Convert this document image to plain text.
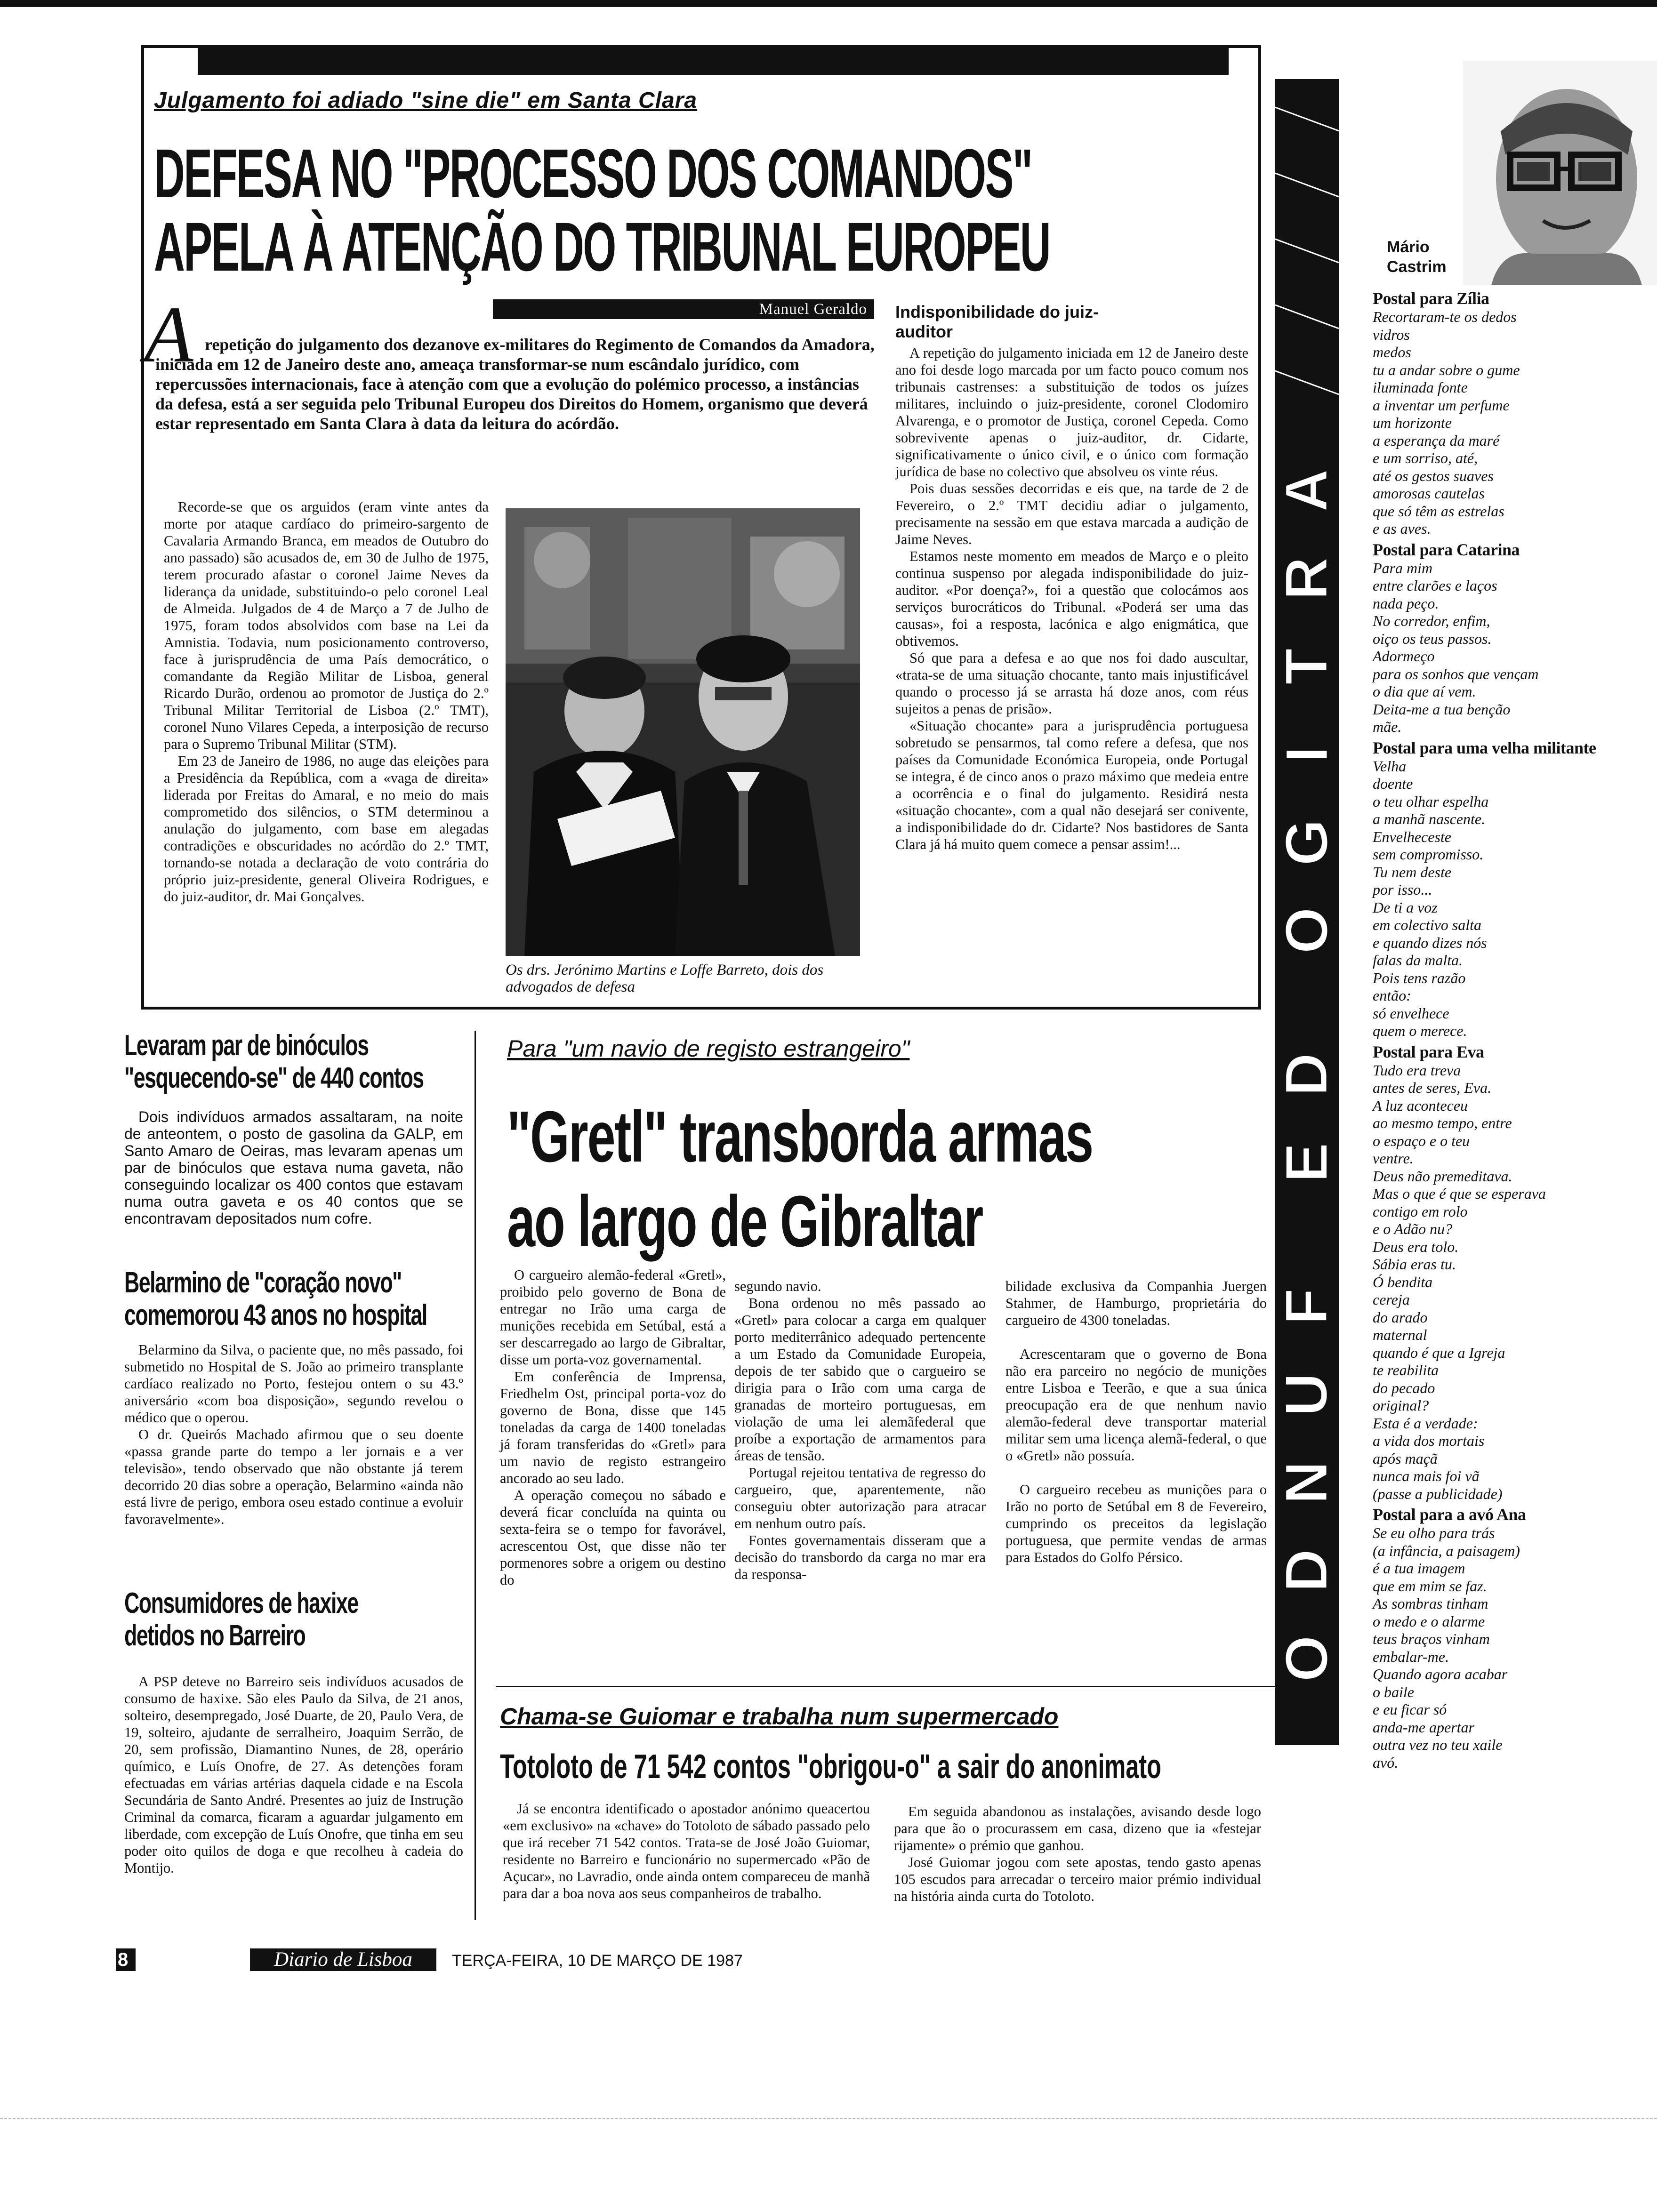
Julgamento foi adiado "sine die" em Santa Clara
DEFESA NO "PROCESSO DOS COMANDOS"
APELA À ATENÇÃO DO TRIBUNAL EUROPEU
Manuel Geraldo
A repetição do julgamento dos dezanove ex-militares do Regimento de Comandos da Amadora, iniciada em 12 de Janeiro deste ano, ameaça transformar-se num escândalo jurídico, com repercussões internacionais, face à atenção com que a evolução do polémico processo, a instâncias da defesa, está a ser seguida pelo Tribunal Europeu dos Direitos do Homem, organismo que deverá estar representado em Santa Clara à data da leitura do acórdão.

Recorde-se que os arguidos (eram vinte antes da morte por ataque cardíaco do primeiro-sargento de Cavalaria Armando Branca, em meados de Outubro do ano passado) são acusados de, em 30 de Julho de 1975, terem procurado afastar o coronel Jaime Neves da liderança da unidade, substituindo-o pelo coronel Leal de Almeida. Julgados de 4 de Março a 7 de Julho de 1975, foram todos absolvidos com base na Lei da Amnistia. Todavia, num posicionamento controverso, face à jurisprudência de uma País democrático, o comandante da Região Militar de Lisboa, general Ricardo Durão, ordenou ao promotor de Justiça do 2.º Tribunal Militar Territorial de Lisboa (2.º TMT), coronel Nuno Vilares Cepeda, a interposição de recurso para o Supremo Tribunal Militar (STM).

Em 23 de Janeiro de 1986, no auge das eleições para a Presidência da República, com a «vaga de direita» liderada por Freitas do Amaral, e no meio do mais comprometido dos silêncios, o STM determinou a anulação do julgamento, com base em alegadas contradições e obscuridades no acórdão do 2.º TMT, tornando-se notada a declaração de voto contrária do próprio juiz-presidente, general Oliveira Rodrigues, e do juiz-auditor, dr. Mai Gonçalves.

Os drs. Jerónimo Martins e Loffe Barreto, dois dos advogados de defesa
Indisponibilidade do juiz-auditor

A repetição do julgamento iniciada em 12 de Janeiro deste ano foi desde logo marcada por um facto pouco comum nos tribunais castrenses: a substituição de todos os juízes militares, incluindo o juiz-presidente, coronel Clodomiro Alvarenga, e o promotor de Justiça, coronel Cepeda. Como sobreviventе apenas o juiz-auditor, dr. Cidarte, significativamente o único civil, e o único com formação jurídica de base no colectivo que absolveu os vinte réus.

Pois duas sessões decorridas e eis que, na tarde de 2 de Fevereiro, o 2.º TMT decidiu adiar o julgamento, precisamente na sessão em que estava marcada a audição de Jaime Neves.

Estamos neste momento em meados de Março e o pleito continua suspenso por alegada indisponibilidade do juiz-auditor. «Por doença?», foi a questão que colocámos aos serviços burocráticos do Tribunal. «Poderá ser uma das causas», foi a resposta, lacónica e algo enigmática, que obtivemos.

Só que para a defesa e ao que nos foi dado auscultar, «trata-se de uma situação chocante, tanto mais injustificável quando o processo já se arrasta há doze anos, com réus sujeitos a penas de prisão».

«Situação chocante» para a jurisprudência portuguesa sobretudo se pensarmos, tal como refere a defesa, que nos países da Comunidade Económica Europeia, onde Portugal se integra, é de cinco anos o prazo máximo que medeia entre a ocorrência e o final do julgamento. Residirá nesta «situação chocante», com a qual não desejará ser conivente, a indisponibilidade do dr. Cidarte? Nos bastidores de Santa Clara já há muito quem comece a pensar assim!...

Levaram par de binóculos
"esquecendo-se" de 440 contos
Dois indivíduos armados assaltaram, na noite de anteontem, o posto de gasolina da GALP, em Santo Amaro de Oeiras, mas levaram apenas um par de binóculos que estava numa gaveta, não conseguindo localizar os 400 contos que estavam numa outra gaveta e os 40 contos que se encontravam depositados num cofre.
Belarmino de "coração novo"
comemorou 43 anos no hospital

Belarmino da Silva, o paciente que, no mês passado, foi submetido no Hospital de S. João ao primeiro transplante cardíaco realizado no Porto, festejou ontem o su 43.º aniversário «com boa disposição», segundo revelou o médico que o operou.

O dr. Queirós Machado afirmou que o seu doente «passa grande parte do tempo a ler jornais e a ver televisão», tendo observado que não obstante já terem decorrido 20 dias sobre a operação, Belarmino «ainda não está livre de perigo, embora oseu estado continue a evoluir favoravelmente».

Consumidores de haxixe
detidos no Barreiro

A PSP deteve no Barreiro seis indivíduos acusados de consumo de haxixe. São eles Paulo da Silva, de 21 anos, solteiro, desempregado, José Duarte, de 20, Paulo Vera, de 19, solteiro, ajudante de serralheiro, Joaquim Serrão, de 20, sem profissão, Diamantino Nunes, de 28, operário químico, e Luís Onofre, de 27. As detenções foram efectuadas em várias artérias daquela cidade e na Escola Secundária de Santo André. Presentes ao juiz de Instrução Criminal da comarca, ficaram a aguardar julgamento em liberdade, com excepção de Luís Onofre, que tinha em seu poder oito quilos de doga e que recolheu à cadeia do Montijo.

Para "um navio de registo estrangeiro"
"Gretl" transborda armas
ao largo de Gibraltar

O cargueiro alemão-federal «Gretl», proibido pelo governo de Bona de entregar no Irão uma carga de munições recebida em Setúbal, está a ser descarregado ao largo de Gibraltar, disse um porta-voz governamental.

Em conferência de Imprensa, Friedhelm Ost, principal porta-voz do governo de Bona, disse que 145 toneladas da carga de 1400 toneladas já foram transferidas do «Gretl» para um navio de registo estrangeiro ancorado ao seu lado.

A operação começou no sábado e deverá ficar concluída na quinta ou sexta-feira se o tempo for favorável, acrescentou Ost, que disse não ter pormenores sobre a origem ou destino do

segundo navio.

Bona ordenou no mês passado ao «Gretl» para colocar a carga em qualquer porto mediterrânico adequado pertencente a um Estado da Comunidade Europeia, depois de ter sabido que o cargueiro se dirigia para o Irão com uma carga de granadas de morteiro portuguesas, em violação de uma lei alemãfederal que proíbe a exportação de armamentos para áreas de tensão.

Portugal rejeitou tentativa de regresso do cargueiro, que, aparentemente, não conseguiu obter autorização para atracar em nenhum outro país.

Fontes governamentais disseram que a decisão do transbordo da carga no mar era da responsa-

bilidade exclusiva da Companhia Juergen Stahmer, de Hamburgo, proprietária do cargueiro de 4300 toneladas.

Acrescentaram que o governo de Bona não era parceiro no negócio de munições entre Lisboa e Teerão, e que a sua única preocupação era de que nenhum navio alemão-federal deve transportar material militar sem uma licença alemã-federal, o que o «Gretl» não possuía.

O cargueiro recebeu as munições para o Irão no porto de Setúbal em 8 de Fevereiro, cumprindo os preceitos da legislação portuguesa, que permite vendas de armas para Estados do Golfo Pérsico.

Chama-se Guiomar e trabalha num supermercado
Totoloto de 71 542 contos "obrigou-o" a sair do anonimato

Já se encontra identificado o apostador anónimo queacertou «em exclusivo» na «chave» do Totoloto de sábado passado pelo que irá receber 71 542 contos. Trata-se de José João Guiomar, residente no Barreiro e funcionário no supermercado «Pão de Açucar», no Lavradio, onde ainda ontem compareceu de manhã para dar a boa nova aos seus companheiros de trabalho.

Em seguida abandonou as instalações, avisando desde logo para que ão o procurassem em casa, dizeno que ia «festejar rijamente» o prémio que ganhou.

José Guiomar jogou com sete apostas, tendo gasto apenas 105 escudos para arrecadar o terceiro maior prémio individual na história ainda curta do Totoloto.

8	Diario de Lisboa	TERÇA-FEIRA, 10 DE MARÇO DE 1987
A
R
T
I
G
O
D
E
F
U
N
D
O
Mário Castrim
Postal para Zília
Recortaram-te os dedos
vidros
medos
tu a andar sobre o gume
iluminada fonte
a inventar um perfume
um horizonte
a esperança da maré
e um sorriso, até,
até os gestos suaves
amorosas cautelas
que só têm as estrelas
e as aves.
Postal para Catarina
Para mim
entre clarões e laços
nada peço.
No corredor, enfim,
oiço os teus passos.
Adormeço
para os sonhos que venςam
o dia que aí vem.
Deita-me a tua benção
mãe.
Postal para uma velha militante
Velha
doente
o teu olhar espelha
a manhã nascente.
Envelheceste
sem compromisso.
Tu nem deste
por isso...
De ti a voz
em colectivo salta
e quando dizes nós
falas da malta.
Pois tens razão
então:
só envelhece
quem o merece.
Postal para Eva
Tudo era treva
antes de seres, Eva.
A luz aconteceu
ao mesmo tempo, entre
o espaço e o teu
ventre.
Deus não premeditava.
Mas o que é que se esperava
contigo em rolo
e o Adão nu?
Deus era tolo.
Sábia eras tu.
Ó bendita
cereja
do arado
maternal
quando é que a Igreja
te reabilita
do pecado
original?
Esta é a verdade:
a vida dos mortais
após maçã
nunca mais foi vã
(passe a publicidade)
Postal para a avó Ana
Se eu olho para trás
(a infância, a paisagem)
é a tua imagem
que em mim se faz.
As sombras tinham
o medo e o alarme
teus braços vinham
embalar-me.
Quando agora acabar
o baile
e eu ficar só
anda-me apertar
outra vez no teu xaile
avó.
